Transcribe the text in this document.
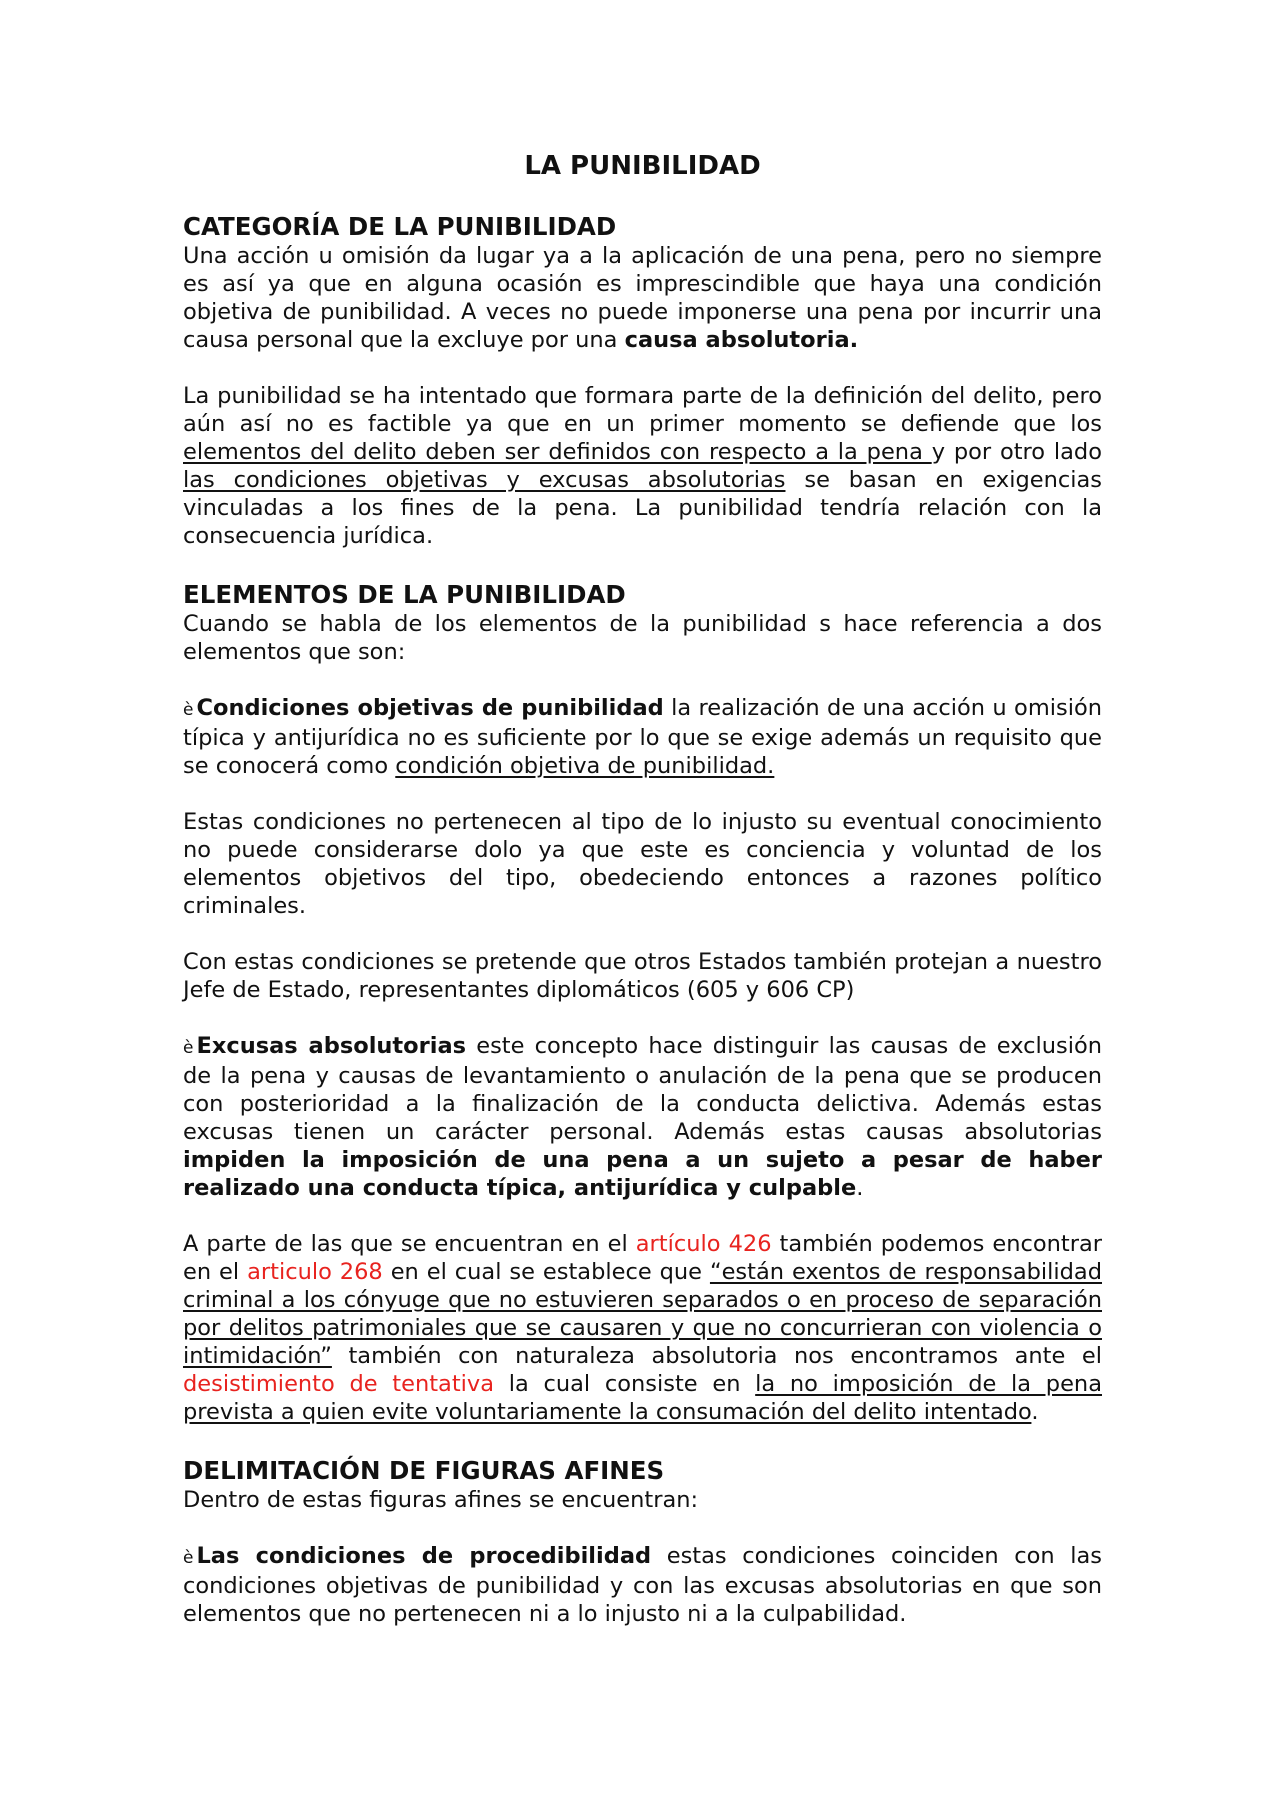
LA PUNIBILIDAD
CATEGORÍA DE LA PUNIBILIDAD

Una acción u omisión da lugar ya a la aplicación de una pena, pero no siempre es así ya que en alguna ocasión es imprescindible que haya una condición objetiva de punibilidad. A veces no puede imponerse una pena por incurrir una causa personal que la excluye por una causa absolutoria.

La punibilidad se ha intentado que formara parte de la definición del delito, pero aún así no es factible ya que en un primer momento se defiende que los elementos del delito deben ser definidos con respecto a la pena y por otro lado las condiciones objetivas y excusas absolutorias se basan en exigencias vinculadas a los fines de la pena. La punibilidad tendría relación con la consecuencia jurídica.

ELEMENTOS DE LA PUNIBILIDAD

Cuando se habla de los elementos de la punibilidad s hace referencia a dos elementos que son:

è Condiciones objetivas de punibilidad la realización de una acción u omisión típica y antijurídica no es suficiente por lo que se exige además un requisito que se conocerá como condición objetiva de punibilidad.

Estas condiciones no pertenecen al tipo de lo injusto su eventual conocimiento no puede considerarse dolo ya que este es conciencia y voluntad de los elementos objetivos del tipo, obedeciendo entonces a razones político criminales.

Con estas condiciones se pretende que otros Estados también protejan a nuestro Jefe de Estado, representantes diplomáticos (605 y 606 CP)

è Excusas absolutorias este concepto hace distinguir las causas de exclusión de la pena y causas de levantamiento o anulación de la pena que se producen con posterioridad a la finalización de la conducta delictiva. Además estas excusas tienen un carácter personal. Además estas causas absolutorias impiden la imposición de una pena a un sujeto a pesar de haber realizado una conducta típica, antijurídica y culpable.

A parte de las que se encuentran en el artículo 426 también podemos encontrar en el articulo 268 en el cual se establece que “están exentos de responsabilidad criminal a los cónyuge que no estuvieren separados o en proceso de separación por delitos patrimoniales que se causaren y que no concurrieran con violencia o intimidación” también con naturaleza absolutoria nos encontramos ante el desistimiento de tentativa la cual consiste en la no imposición de la pena prevista a quien evite voluntariamente la consumación del delito intentado.

DELIMITACIÓN DE FIGURAS AFINES

Dentro de estas figuras afines se encuentran:

è Las condiciones de procedibilidad estas condiciones coinciden con las condiciones objetivas de punibilidad y con las excusas absolutorias en que son elementos que no pertenecen ni a lo injusto ni a la culpabilidad.
